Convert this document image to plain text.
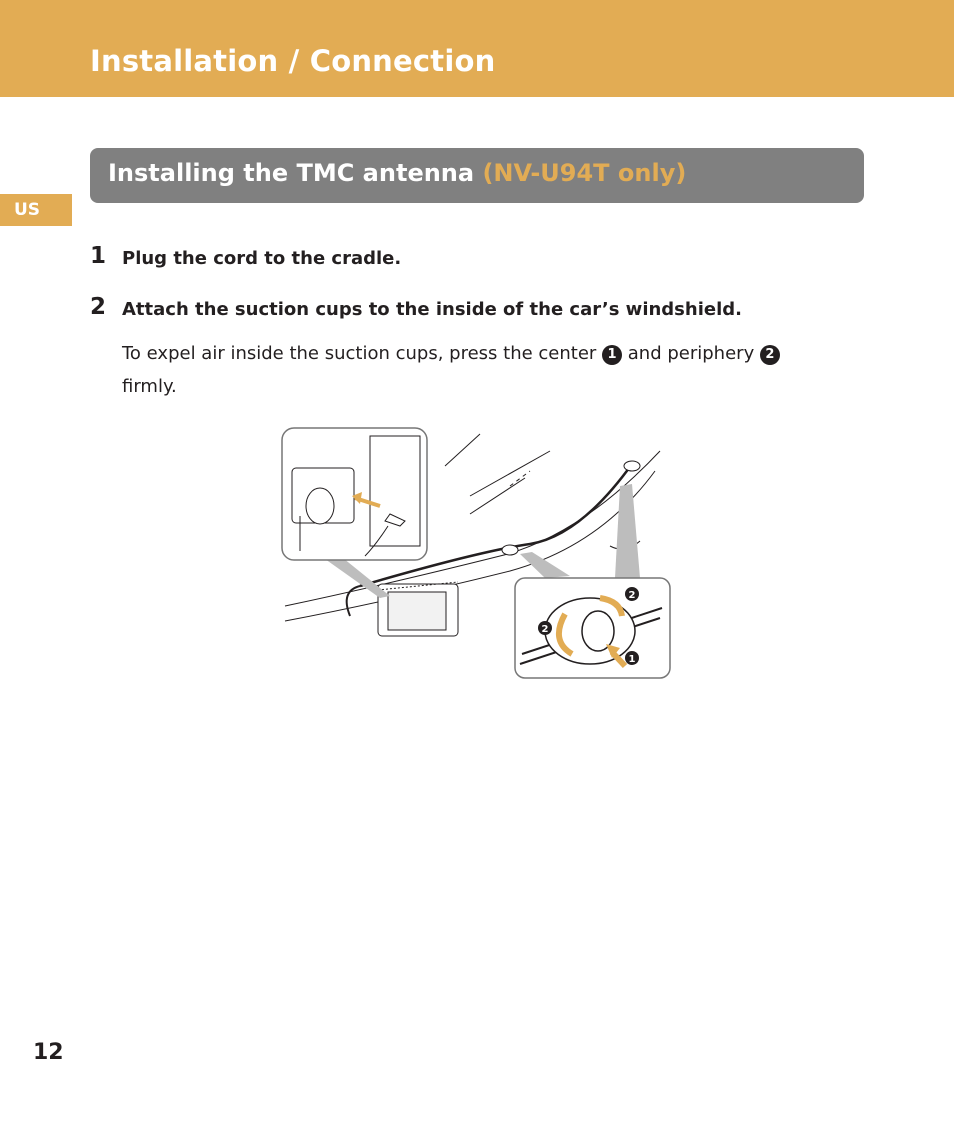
Installation / Connection
US
Installing the TMC antenna (NV-U94T only)
1 Plug the cord to the cradle.
2 Attach the suction cups to the inside of the car’s windshield.
To expel air inside the suction cups, press the center 1 and periphery 2
firmly.
2
2
1
12
